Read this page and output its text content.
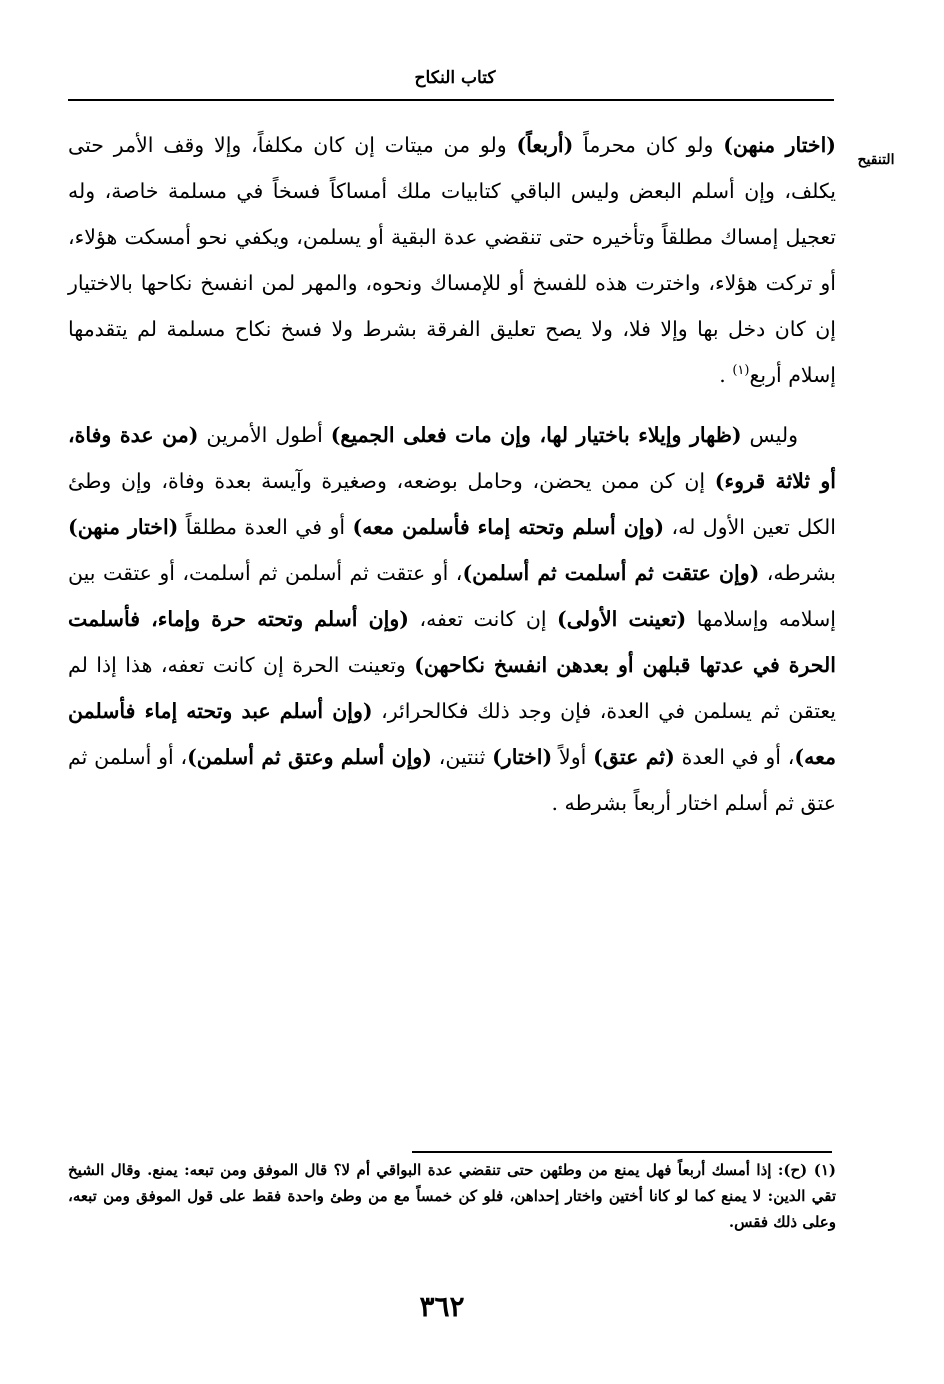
كتاب النكاح
التنقيح

(اختار منهن) ولو كان محرماً (أربعاً) ولو من ميتات إن كان مكلفاً، وإلا وقف الأمر حتى يكلف، وإن أسلم البعض وليس الباقي كتابيات ملك أمساكاً فسخاً في مسلمة خاصة، وله تعجيل إمساك مطلقاً وتأخيره حتى تنقضي عدة البقية أو يسلمن، ويكفي نحو أمسكت هؤلاء، أو تركت هؤلاء، واخترت هذه للفسخ أو للإمساك ونحوه، والمهر لمن انفسخ نكاحها بالاختيار إن كان دخل بها وإلا فلا، ولا يصح تعليق الفرقة بشرط ولا فسخ نكاح مسلمة لم يتقدمها إسلام أربع$^{(١)}$ .

وليس (ظهار وإيلاء باختيار لها، وإن مات فعلى الجميع) أطول الأمرين (من عدة وفاة، أو ثلاثة قروء) إن كن ممن يحضن، وحامل بوضعه، وصغيرة وآيسة بعدة وفاة، وإن وطئ الكل تعين الأول له، (وإن أسلم وتحته إماء فأسلمن معه) أو في العدة مطلقاً (اختار منهن) بشرطه، (وإن عتقت ثم أسلمت ثم أسلمن)، أو عتقت ثم أسلمن ثم أسلمت، أو عتقت بين إسلامه وإسلامها (تعينت الأولى) إن كانت تعفه، (وإن أسلم وتحته حرة وإماء، فأسلمت الحرة في عدتها قبلهن أو بعدهن انفسخ نكاحهن) وتعينت الحرة إن كانت تعفه، هذا إذا لم يعتقن ثم يسلمن في العدة، فإن وجد ذلك فكالحرائر، (وإن أسلم عبد وتحته إماء فأسلمن معه)، أو في العدة (ثم عتق) أولاً (اختار) ثنتين، (وإن أسلم وعتق ثم أسلمن)، أو أسلمن ثم عتق ثم أسلم اختار أربعاً بشرطه .

(١) (ح): إذا أمسك أربعاً فهل يمنع من وطئهن حتى تنقضي عدة البواقي أم لا؟ قال الموفق ومن تبعه: يمنع. وقال الشيخ تقي الدين: لا يمنع كما لو كانا أختين واختار إحداهن، فلو كن خمساً مع من وطئ واحدة فقط على قول الموفق ومن تبعه، وعلى ذلك فقس.
٣٦٢
